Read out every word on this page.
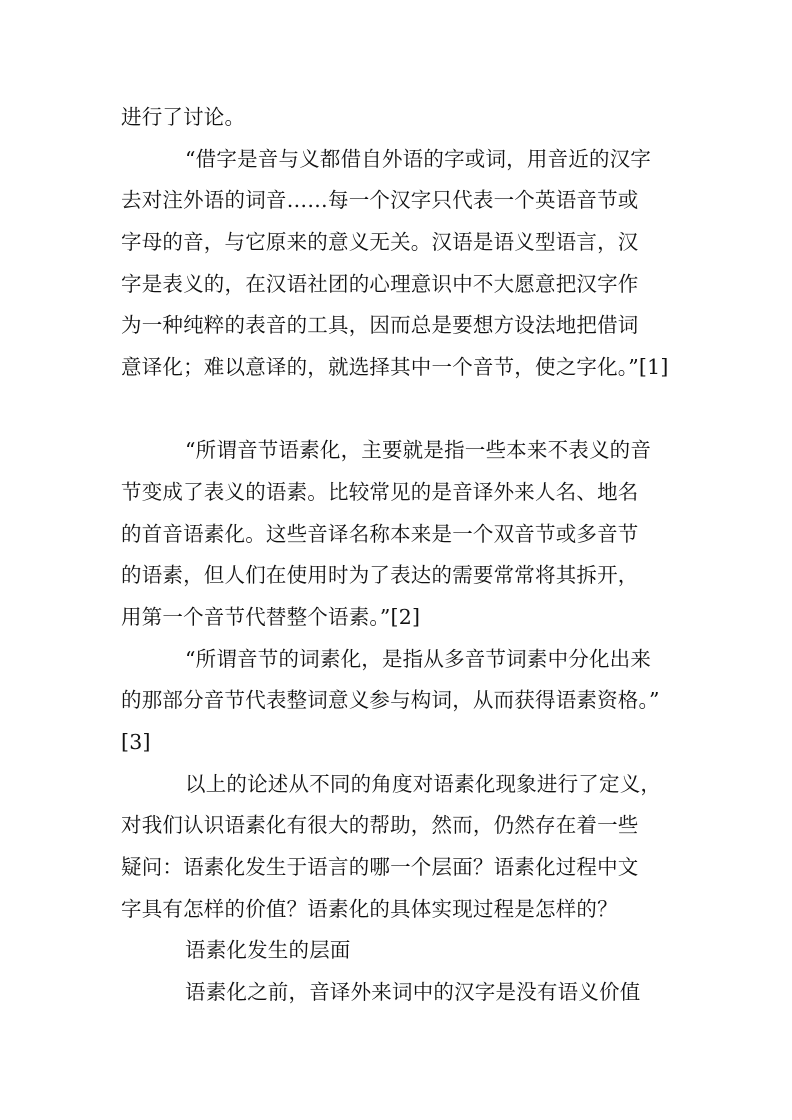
进行了讨论。
“借字是音与义都借自外语的字或词，用音近的汉字
去对注外语的词音……每一个汉字只代表一个英语音节或
字母的音，与它原来的意义无关。汉语是语义型语言，汉
字是表义的，在汉语社团的心理意识中不大愿意把汉字作
为一种纯粹的表音的工具，因而总是要想方设法地把借词
意译化；难以意译的，就选择其中一个音节，使之字化。”[1]
“所谓音节语素化，主要就是指一些本来不表义的音
节变成了表义的语素。比较常见的是音译外来人名、地名
的首音语素化。这些音译名称本来是一个双音节或多音节
的语素，但人们在使用时为了表达的需要常常将其拆开，
用第一个音节代替整个语素。”[2]
“所谓音节的词素化，是指从多音节词素中分化出来
的那部分音节代表整词意义参与构词，从而获得语素资格。”
[3]
以上的论述从不同的角度对语素化现象进行了定义，
对我们认识语素化有很大的帮助，然而，仍然存在着一些
疑问：语素化发生于语言的哪一个层面？语素化过程中文
字具有怎样的价值？语素化的具体实现过程是怎样的？
语素化发生的层面
语素化之前，音译外来词中的汉字是没有语义价值
